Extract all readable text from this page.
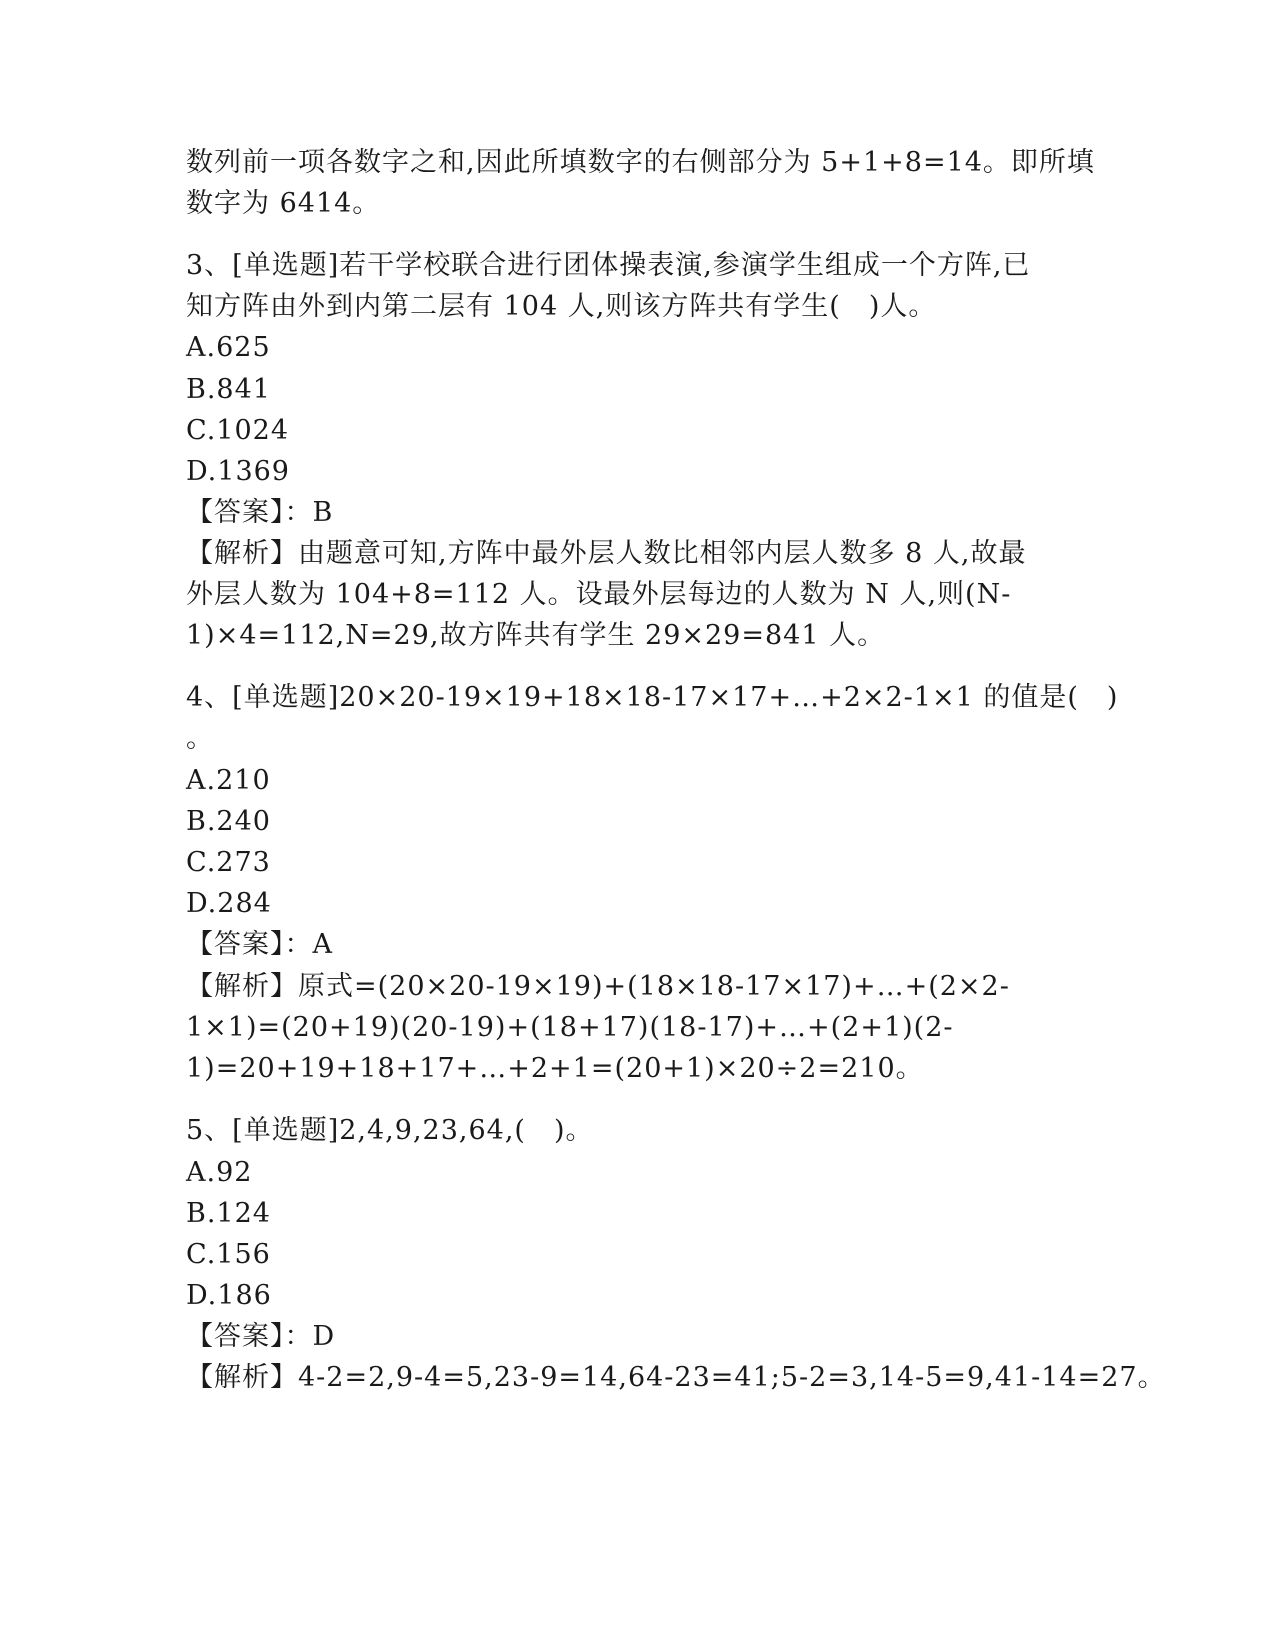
数列前一项各数字之和,因此所填数字的右侧部分为 5+1+8=14。即所填
数字为 6414。
3、[单选题]若干学校联合进行团体操表演,参演学生组成一个方阵,已
知方阵由外到内第二层有 104 人,则该方阵共有学生(　)人。
A.625
B.841
C.1024
D.1369
【答案】：B
【解析】由题意可知,方阵中最外层人数比相邻内层人数多 8 人,故最
外层人数为 104+8=112 人。设最外层每边的人数为 N 人,则(N-
1)×4=112,N=29,故方阵共有学生 29×29=841 人。
4、[单选题]20×20-19×19+18×18-17×17+…+2×2-1×1 的值是(　)
。
A.210
B.240
C.273
D.284
【答案】：A
【解析】原式=(20×20-19×19)+(18×18-17×17)+…+(2×2-
1×1)=(20+19)(20-19)+(18+17)(18-17)+…+(2+1)(2-
1)=20+19+18+17+…+2+1=(20+1)×20÷2=210。
5、[单选题]2,4,9,23,64,(　)。
A.92
B.124
C.156
D.186
【答案】：D
【解析】4-2=2,9-4=5,23-9=14,64-23=41;5-2=3,14-5=9,41-14=27。
